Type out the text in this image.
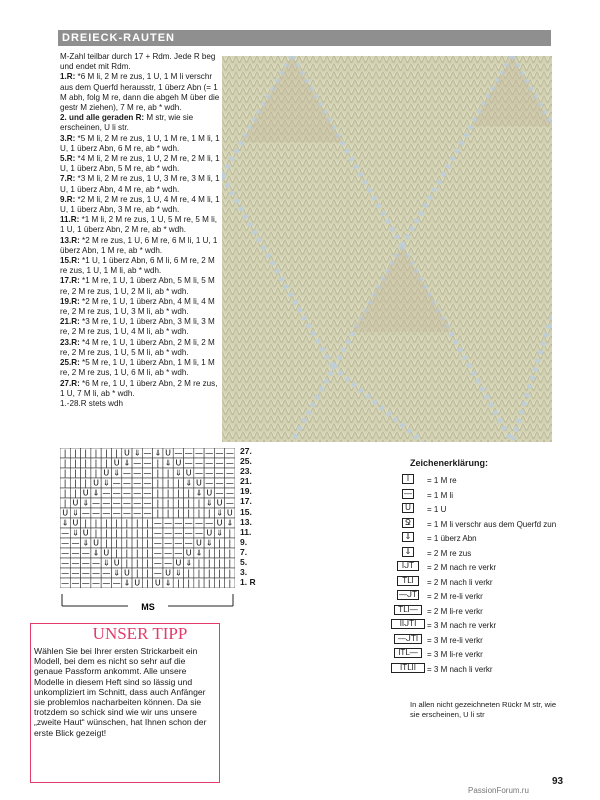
DREIECK-RAUTEN

M-Zahl teilbar durch 17 + Rdm. Jede R beg und endet mit Rdm.

1.R: *6 M li, 2 M re zus, 1 U, 1 M li verschr aus dem Querfd herausstr, 1 überz Abn (= 1 M abh, folg M re, dann die abgeh M über die gestr M ziehen), 7 M re, ab * wdh.

2. und alle geraden R: M str, wie sie erscheinen, U li str.

3.R: *5 M li, 2 M re zus, 1 U, 1 M re, 1 M li, 1 U, 1 überz Abn, 6 M re, ab * wdh.

5.R: *4 M li, 2 M re zus, 1 U, 2 M re, 2 M li, 1 U, 1 überz Abn, 5 M re, ab * wdh.

7.R: *3 M li, 2 M re zus, 1 U, 3 M re, 3 M li, 1 U, 1 überz Abn, 4 M re, ab * wdh.

9.R: *2 M li, 2 M re zus, 1 U, 4 M re, 4 M li, 1 U, 1 überz Abn, 3 M re, ab * wdh.

11.R: *1 M li, 2 M re zus, 1 U, 5 M re, 5 M li, 1 U, 1 überz Abn, 2 M re, ab * wdh.

13.R: *2 M re zus, 1 U, 6 M re, 6 M li, 1 U, 1 überz Abn, 1 M re, ab * wdh.

15.R: *1 U, 1 überz Abn, 6 M li, 6 M re, 2 M re zus, 1 U, 1 M li, ab * wdh.

17.R: *1 M re, 1 U, 1 überz Abn, 5 M li, 5 M re, 2 M re zus, 1 U, 2 M li, ab * wdh.

19.R: *2 M re, 1 U, 1 überz Abn, 4 M li, 4 M re, 2 M re zus, 1 U, 3 M li, ab * wdh.

21.R: *3 M re, 1 U, 1 überz Abn, 3 M li, 3 M re, 2 M re zus, 1 U, 4 M li, ab * wdh.

23.R: *4 M re, 1 U, 1 überz Abn, 2 M li, 2 M re, 2 M re zus, 1 U, 5 M li, ab * wdh.

25.R: *5 M re, 1 U, 1 überz Abn, 1 M li, 1 M re, 2 M re zus, 1 U, 6 M li, ab * wdh.

27.R: *6 M re, 1 U, 1 überz Abn, 2 M re zus, 1 U, 7 M li, ab * wdh.

1.-28.R stets wdh

| | | | | | U ⇓ — ⇓ U — — — — — —
| | | | | U ⇓ — — | ⇓ U — — — — —
| | | | U ⇓ — — — | | ⇓ U — — — —
| | | U ⇓ — — — — | | | ⇓ U — — —
| | U ⇓ — — — — — | | | | ⇓ U — —
| U ⇓ — — — — — — | | | | | ⇓ U —
U ⇓ — — — — — — — | | | | | | ⇓ U
⇓ U | | | | | | | — — — — — — U ⇓
— ⇓ U | | | | | | — — — — — U ⇓ |
— — ⇓ U | | | | | — — — — U ⇓ | |
— — — ⇓ U | | | | — — — U ⇓ | | |
— — — — ⇓ U | | | — — U ⇓ | | | |
— — — — — ⇓ U | | — U ⇓ | | | | |
— — — — — — ⇓ U | U ⇓ | | | | | |
27.
25.
23.
21.
19.
17.
15.
13.
11.
9.
7.
5.
3.
1. R
MS
Zeichenerklärung:
I	= 1 M re
— = 1 M li
U	= 1 U
Ջ	= 1 M li verschr aus dem Querfd zun
⇓	= 1 überz Abn
⇓	= 2 M re zus
IᒍT	= 2 M nach re verkr
TᒪI	= 2 M nach li verkr
—ᒍT = 2 M re-li verkr
TᒪI—	= 2 M li-re verkr
IIᒍTI	= 3 M nach re verkr
—ᒍTI	= 3 M re-li verkr
ITᒪ—	= 3 M li-re verkr
ITᒪII	= 3 M nach li verkr
In allen nicht gezeichneten Rückr M str, wie sie erscheinen, U li str
UNSER TIPP
Wählen Sie bei Ihrer ersten Strickarbeit ein Modell, bei dem es nicht so sehr auf die genaue Passform ankommt. Alle unsere Modelle in diesem Heft sind so lässig und unkompliziert im Schnitt, dass auch Anfänger sie problemlos nacharbeiten können. Da sie trotzdem so schick sind wie wir uns unsere „zweite Haut“ wünschen, hat Ihnen schon der erste Blick gezeigt!
93
PassionForum.ru
